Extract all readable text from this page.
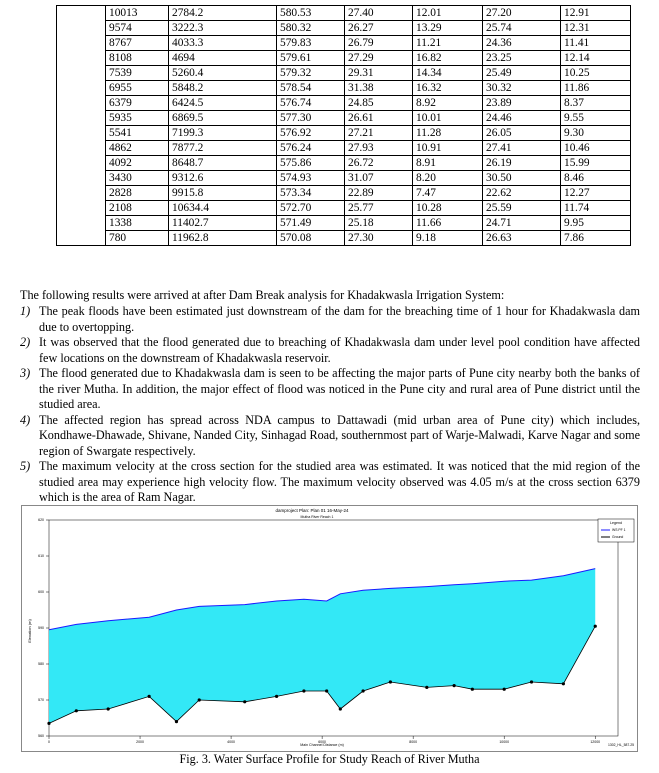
	10013	2784.2	580.53	27.40	12.01	27.20	12.91
	9574	3222.3	580.32	26.27	13.29	25.74	12.31
	8767	4033.3	579.83	26.79	11.21	24.36	11.41
	8108	4694	579.61	27.29	16.82	23.25	12.14
	7539	5260.4	579.32	29.31	14.34	25.49	10.25
	6955	5848.2	578.54	31.38	16.32	30.32	11.86
	6379	6424.5	576.74	24.85	8.92	23.89	8.37
	5935	6869.5	577.30	26.61	10.01	24.46	9.55
	5541	7199.3	576.92	27.21	11.28	26.05	9.30
	4862	7877.2	576.24	27.93	10.91	27.41	10.46
	4092	8648.7	575.86	26.72	8.91	26.19	15.99
	3430	9312.6	574.93	31.07	8.20	30.50	8.46
	2828	9915.8	573.34	22.89	7.47	22.62	12.27
	2108	10634.4	572.70	25.77	10.28	25.59	11.74
	1338	11402.7	571.49	25.18	11.66	24.71	9.95
	780	11962.8	570.08	27.30	9.18	26.63	7.86
The following results were arrived at after Dam Break analysis for Khadakwasla Irrigation System:
1) The peak floods have been estimated just downstream of the dam for the breaching time of 1 hour for Khadakwasla dam due to overtopping.
2) It was observed that the flood generated due to breaching of Khadakwasla dam under level pool condition have affected few locations on the downstream of Khadakwasla reservoir.
3) The flood generated due to Khadakwasla dam is seen to be affecting the major parts of Pune city nearby both the banks of the river Mutha. In addition, the major effect of flood was noticed in the Pune city and rural area of Pune district until the studied area.
4) The affected region has spread across NDA campus to Dattawadi (mid urban area of Pune city) which includes, Kondhawe-Dhawade, Shivane, Nanded City, Sinhagad Road, southernmost part of Warje-Malwadi, Karve Nagar and some region of Swargate respectively.
5) The maximum velocity at the cross section for the studied area was estimated. It was noticed that the mid region of the studied area may experience high velocity flow. The maximum velocity observed was 4.05 m/s at the cross section 6379 which is the area of Ram Nagar.
damproject Plan: Plan 01 16-May-24
Mutha River Reach 1
Elevation (m)
Main Channel Distance (m)	1302_HL_587.25
560
570
580
590
600
610
620
0	2000	4000	6000	8000	10000	12000
Legend
WS PF 1
Ground
Fig. 3. Water Surface Profile for Study Reach of River Mutha
